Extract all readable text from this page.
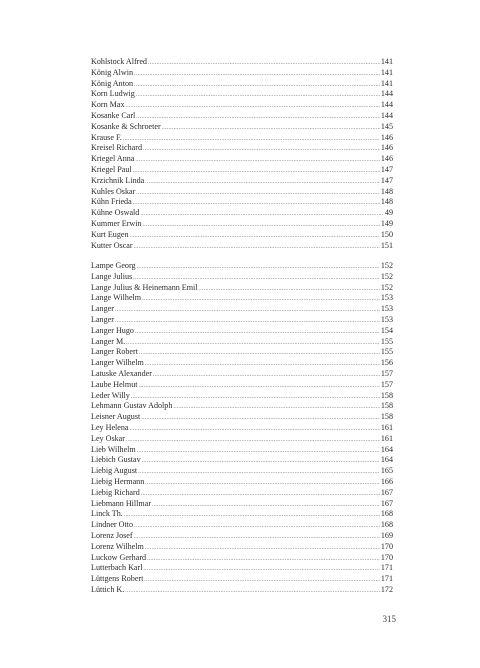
Kohlstock Alfred .....	141
König Alwin .....	141
König Anton .....	141
Korn Ludwig .....	144
Korn Max .....	144
Kosanke Carl .....	144
Kosanke & Schroeter .....	145
Krause F. .....	146
Kreisel Richard .....	146
Kriegel Anna .....	146
Kriegel Paul .....	147
Krzichnik Linda .....	147
Kuhles Oskar .....	148
Kühn Frieda .....	148
Kühne Oswald .....	49
Kummer Erwin .....	149
Kurt Eugen .....	150
Kutter Oscar .....	151
Lampe Georg .....	152
Lange Julius .....	152
Lange Julius & Heinemann Emil .....	152
Lange Wilhelm .....	153
Langer .....	153
Langer .....	153
Langer Hugo .....	154
Langer M. .....	155
Langer Robert .....	155
Langer Wilhelm .....	156
Latuske Alexander .....	157
Laube Helmut .....	157
Leder Willy .....	158
Lehmann Gustav Adolph .....	158
Leisner August .....	158
Ley Helena .....	161
Ley Oskar .....	161
Lieb Wilhelm .....	164
Liebich Gustav .....	164
Liebig August .....	165
Liebig Hermann .....	166
Liebig Richard .....	167
Liebmann Hillmar .....	167
Linck Th. .....	168
Lindner Otto .....	168
Lorenz Josef .....	169
Lorenz Wilhelm .....	170
Luckow Gerhard .....	170
Lutterbach Karl .....	171
Lüttgens Robert .....	171
Lüttich K. .....	172
315
